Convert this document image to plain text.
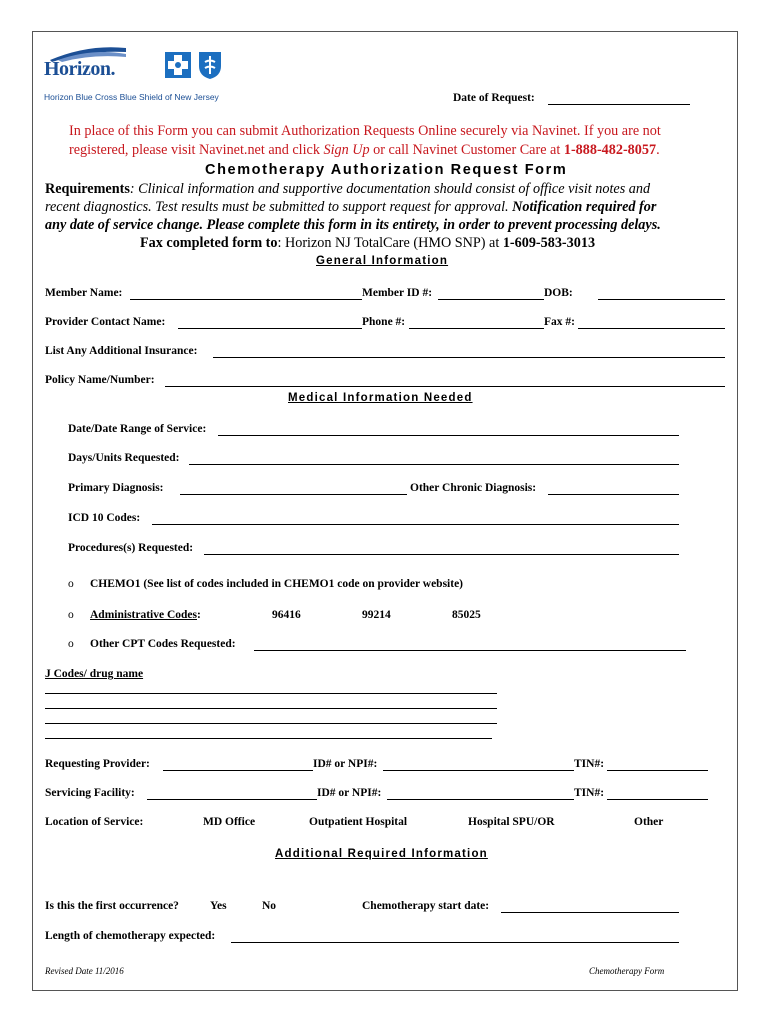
Horizon.
Horizon Blue Cross Blue Shield of New Jersey	Date of Request:
In place of this Form you can submit Authorization Requests Online securely via Navinet. If you are not
registered, please visit Navinet.net and click Sign Up or call Navinet Customer Care at 1-888-482-8057.
Chemotherapy Authorization Request Form
Requirements: Clinical information and supportive documentation should consist of office visit notes and
recent diagnostics. Test results must be submitted to support request for approval. Notification required for
any date of service change. Please complete this form in its entirety, in order to prevent processing delays.
Fax completed form to: Horizon NJ TotalCare (HMO SNP) at 1-609-583-3013
General Information
Member Name:	Member ID #:	DOB:
Provider Contact Name:	Phone #:	Fax #:
List Any Additional Insurance:
Policy Name/Number:
Medical Information Needed
Date/Date Range of Service:
Days/Units Requested:
Primary Diagnosis:	Other Chronic Diagnosis:
ICD 10 Codes:
Procedures(s) Requested:
o CHEMO1 (See list of codes included in CHEMO1 code on provider website)
o Administrative Codes:	96416	99214	85025
o Other CPT Codes Requested:
J Codes/ drug name
Requesting Provider:	ID# or NPI#:	TIN#:
Servicing Facility:	ID# or NPI#:	TIN#:
Location of Service:	MD Office	Outpatient Hospital	Hospital SPU/OR	Other
Additional Required Information
Is this the first occurrence?	Yes	No	Chemotherapy start date:
Length of chemotherapy expected:
Revised Date 11/2016	Chemotherapy Form
